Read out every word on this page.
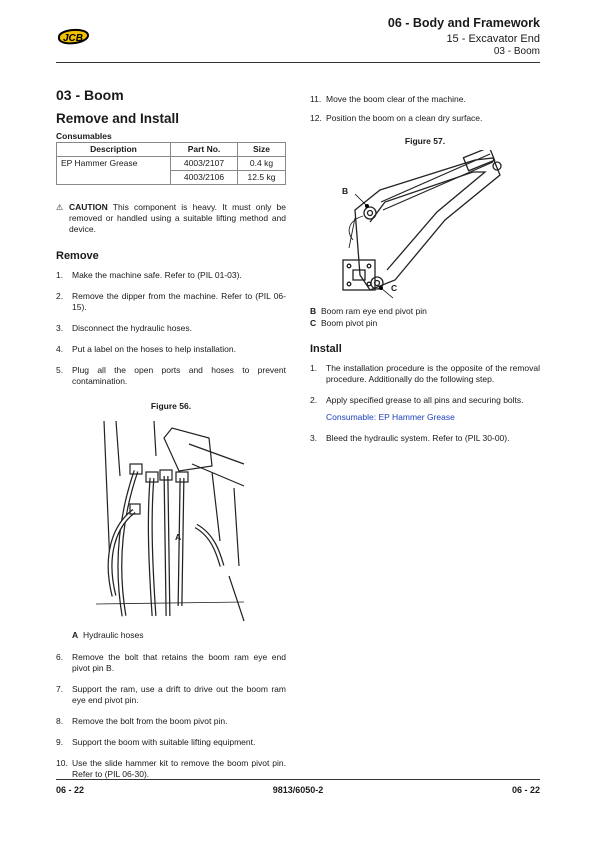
JCB
06 - Body and Framework
15 - Excavator End
03 - Boom
03 - Boom
Remove and Install
Consumables
Description	Part No.	Size
EP Hammer Grease	4003/2107	0.4 kg
	4003/2106	12.5 kg
⚠ CAUTION This component is heavy. It must only be removed or handled using a suitable lifting method and device.
Remove
1.	Make the machine safe. Refer to (PIL 01-03).
2.	Remove the dipper from the machine. Refer to (PIL 06-15).
3.	Disconnect the hydraulic hoses.
4.	Put a label on the hoses to help installation.
5.	Plug all the open ports and hoses to prevent contamination.
Figure 56.
A Hydraulic hoses
6.	Remove the bolt that retains the boom ram eye end pivot pin B.
7.	Support the ram, use a drift to drive out the boom ram eye end pivot pin.
8.	Remove the bolt from the boom pivot pin.
9.	Support the boom with suitable lifting equipment.
10. Use the slide hammer kit to remove the boom pivot pin. Refer to (PIL 06-30).
A
11. Move the boom clear of the machine.
12. Position the boom on a clean dry surface.
Figure 57.
B Boom ram eye end pivot pin
C Boom pivot pin
Install
1.	The installation procedure is the opposite of the removal procedure. Additionally do the following step.
2.	Apply specified grease to all pins and securing bolts.
Consumable: EP Hammer Grease
3.	Bleed the hydraulic system. Refer to (PIL 30-00).
B
C
06 - 22	9813/6050-2	06 - 22
